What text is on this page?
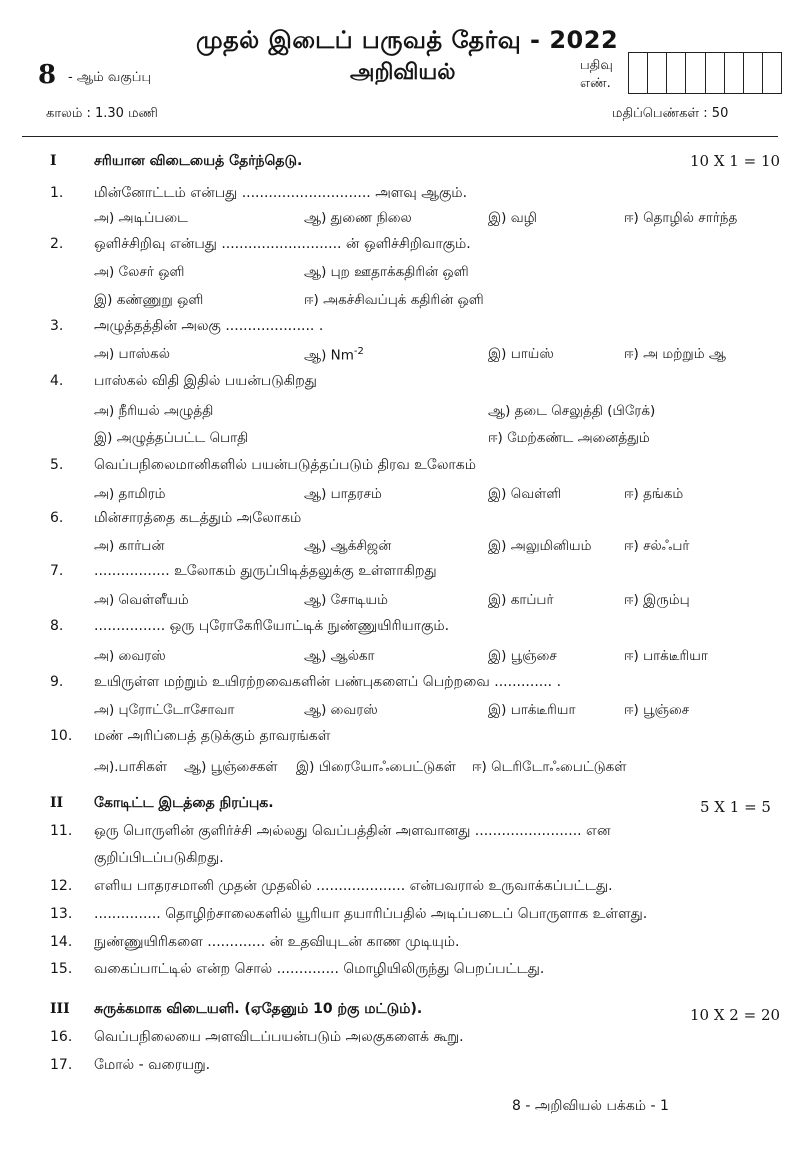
முதல் இடைப் பருவத் தேர்வு - 2022
அறிவியல்
8 - ஆம் வகுப்பு
பதிவு
எண்.
காலம் : 1.30 மணி	மதிப்பெண்கள் : 50
I	சரியான விடையைத் தேர்ந்தெடு.	10 X 1 = 10
1.	மின்னோட்டம் என்பது ............................. அளவு ஆகும்.
அ) அடிப்படை	ஆ) துணை நிலை	இ) வழி	ஈ) தொழில் சார்ந்த
2.	ஒளிச்சிறிவு என்பது ........................... ன் ஒளிச்சிறிவாகும்.
அ) லேசர் ஒளி	ஆ) புற ஊதாக்கதிரின் ஒளி
இ) கண்ணுறு ஒளி	ஈ) அகச்சிவப்புக் கதிரின் ஒளி
3.	அழுத்தத்தின் அலகு .................... .
அ) பாஸ்கல்	ஆ) $Nm^{-2}$	இ) பாய்ஸ்	ஈ) அ மற்றும் ஆ
4.	பாஸ்கல் விதி இதில் பயன்படுகிறது
அ) நீரியல் அழுத்தி	ஆ) தடை செலுத்தி (பிரேக்)
இ) அழுத்தப்பட்ட பொதி	ஈ) மேற்கண்ட அனைத்தும்
5.	வெப்பநிலைமானிகளில் பயன்படுத்தப்படும் திரவ உலோகம்
அ) தாமிரம்	ஆ) பாதரசம்	இ) வெள்ளி	ஈ) தங்கம்
6.	மின்சாரத்தை கடத்தும் அலோகம்
அ) கார்பன்	ஆ) ஆக்சிஜன்	இ) அலுமினியம் ஈ) சல்ஃபர்
7.	................. உலோகம் துருப்பிடித்தலுக்கு உள்ளாகிறது
அ) வெள்ளீயம்	ஆ) சோடியம்	இ) காப்பர்	ஈ) இரும்பு
8.	................ ஒரு புரோகேரியோட்டிக் நுண்ணுயிரியாகும்.
அ) வைரஸ்	ஆ) ஆல்கா	இ) பூஞ்சை	ஈ) பாக்டீரியா
9.	உயிருள்ள மற்றும் உயிரற்றவைகளின் பண்புகளைப் பெற்றவை ............. .
அ) புரோட்டோசோவா	ஆ) வைரஸ்	இ) பாக்டீரியா	ஈ) பூஞ்சை
10.	மண் அரிப்பைத் தடுக்கும் தாவரங்கள்
அ).பாசிகள் ஆ) பூஞ்சைகள் இ) பிரையோஃபைட்டுகள் ஈ) டெரிடோஃபைட்டுகள்
II கோடிட்ட இடத்தை நிரப்புக.	5 X 1 = 5
11.	ஒரு பொருளின் குளிர்ச்சி அல்லது வெப்பத்தின் அளவானது ........................ என
குறிப்பிடப்படுகிறது.
12.	எளிய பாதரசமானி முதன் முதலில் .................... என்பவரால் உருவாக்கப்பட்டது.
13.	............... தொழிற்சாலைகளில் யூரியா தயாரிப்பதில் அடிப்படைப் பொருளாக உள்ளது.
14.	நுண்ணுயிரிகளை ............. ன் உதவியுடன் காண முடியும்.
15.	வகைப்பாட்டில் என்ற சொல் .............. மொழியிலிருந்து பெறப்பட்டது.
III சுருக்கமாக விடையளி. (ஏதேனும் 10 ற்கு மட்டும்).	10 X 2 = 20
16.	வெப்பநிலையை அளவிடப்பயன்படும் அலகுகளைக் கூறு.
17.	மோல் - வரையறு.
8 - அறிவியல் பக்கம் - 1
